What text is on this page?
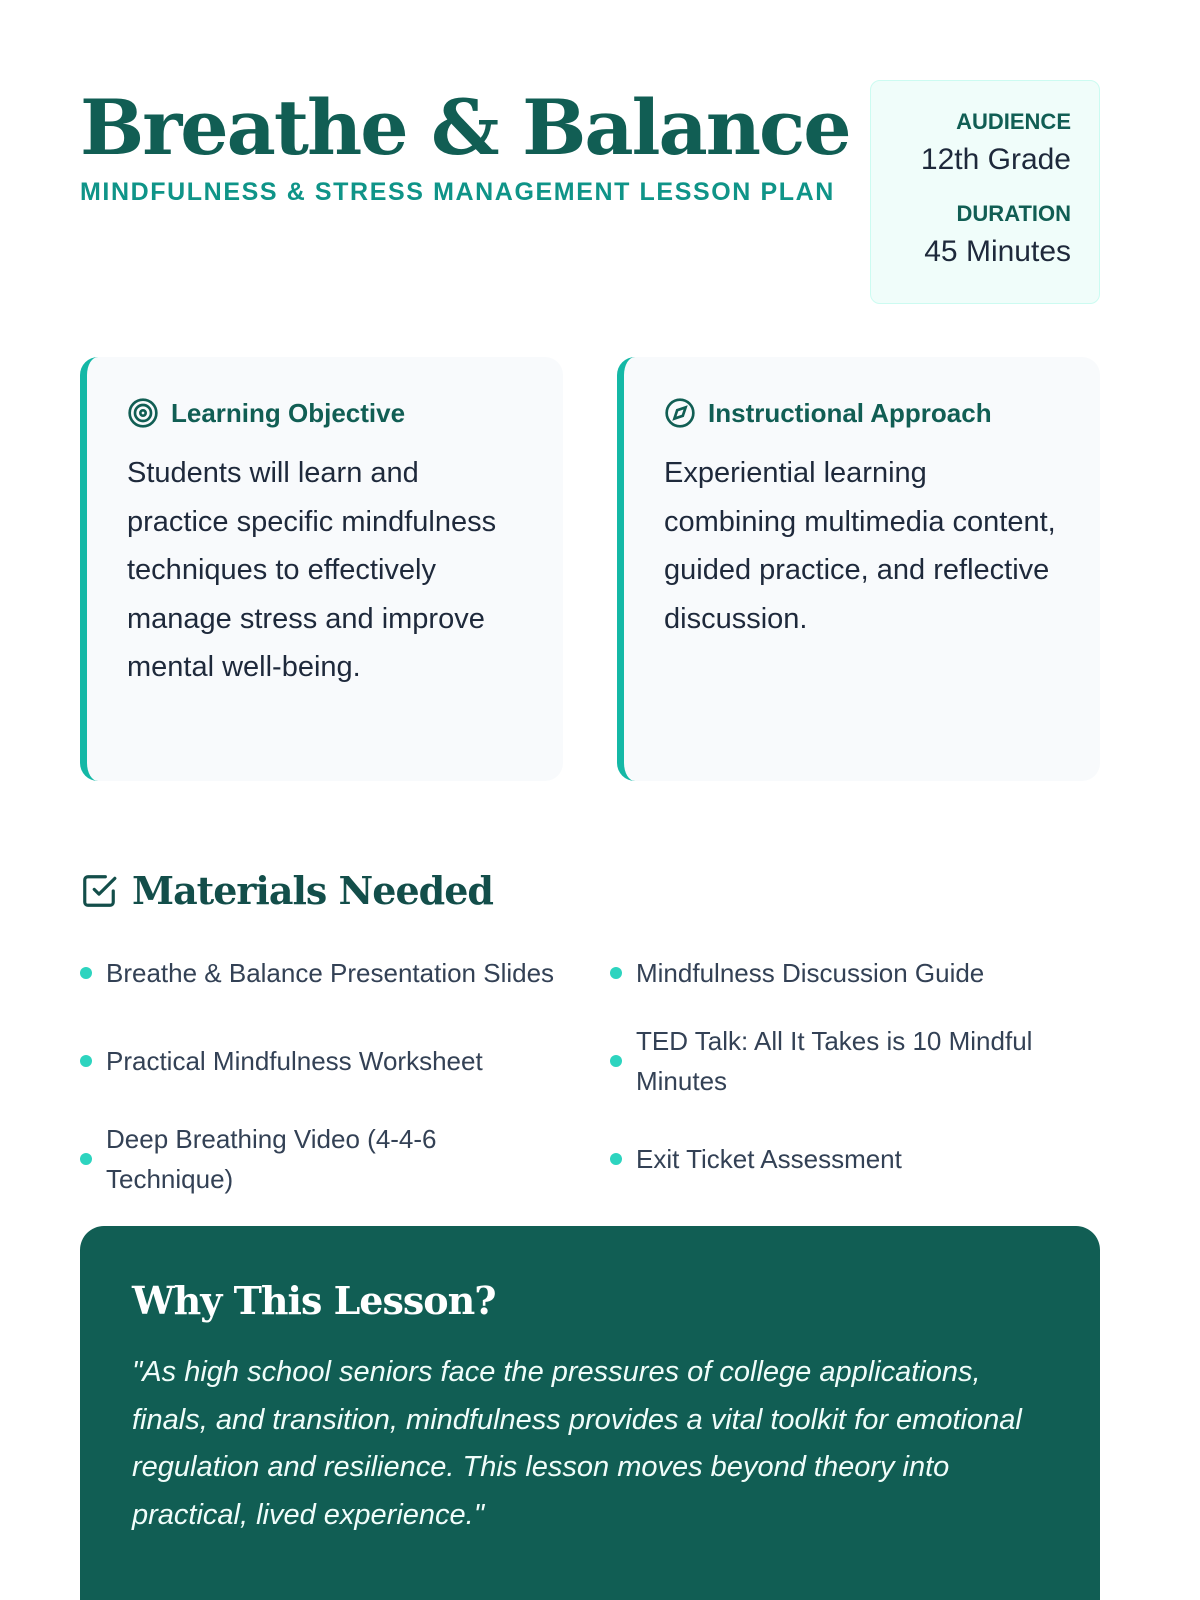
Breathe & Balance
MINDFULNESS & STRESS MANAGEMENT LESSON PLAN
AUDIENCE
12th Grade
DURATION
45 Minutes
Learning Objective

Students will learn and practice specific mindfulness techniques to effectively manage stress and improve mental well-being.

Instructional Approach

Experiential learning combining multimedia content, guided practice, and reflective discussion.

Materials Needed
Breathe & Balance Presentation Slides	Mindfulness Discussion Guide
Practical Mindfulness Worksheet
TED Talk: All It Takes is 10 Mindful Minutes
Deep Breathing Video (4-4-6 Technique)
Exit Ticket Assessment
Why This Lesson?

"As high school seniors face the pressures of college applications, finals, and transition, mindfulness provides a vital toolkit for emotional regulation and resilience. This lesson moves beyond theory into practical, lived experience."
